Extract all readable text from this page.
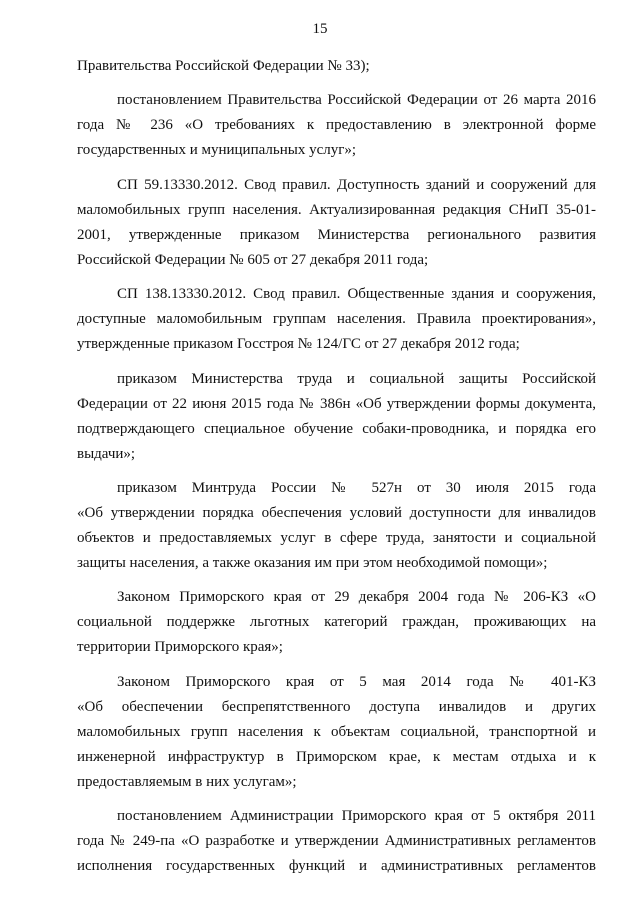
15
Правительства Российской Федерации № 33);
постановлением Правительства Российской Федерации от 26 марта 2016
года № 236 «О требованиях к предоставлению в электронной форме
государственных и муниципальных услуг»;
СП 59.13330.2012. Свод правил. Доступность зданий и сооружений для
маломобильных групп населения. Актуализированная редакция СНиП 35-01-
2001, утвержденные приказом Министерства регионального развития
Российской Федерации № 605 от 27 декабря 2011 года;
СП 138.13330.2012. Свод правил. Общественные здания и сооружения,
доступные маломобильным группам населения. Правила проектирования»,
утвержденные приказом Госстроя № 124/ГС от 27 декабря 2012 года;
приказом Министерства труда и социальной защиты Российской
Федерации от 22 июня 2015 года № 386н «Об утверждении формы документа,
подтверждающего специальное обучение собаки-проводника, и порядка его
выдачи»;
приказом Минтруда России № 527н от 30 июля 2015 года
«Об утверждении порядка обеспечения условий доступности для инвалидов
объектов и предоставляемых услуг в сфере труда, занятости и социальной
защиты населения, а также оказания им при этом необходимой помощи»;
Законом Приморского края от 29 декабря 2004 года № 206-КЗ «О
социальной поддержке льготных категорий граждан, проживающих на
территории Приморского края»;
Законом Приморского края от 5 мая 2014 года № 401-КЗ
«Об обеспечении беспрепятственного доступа инвалидов и других
маломобильных групп населения к объектам социальной, транспортной и
инженерной инфраструктур в Приморском крае, к местам отдыха и к
предоставляемым в них услугам»;
постановлением Администрации Приморского края от 5 октября 2011
года № 249-па «О разработке и утверждении Административных регламентов
исполнения государственных функций и административных регламентов
